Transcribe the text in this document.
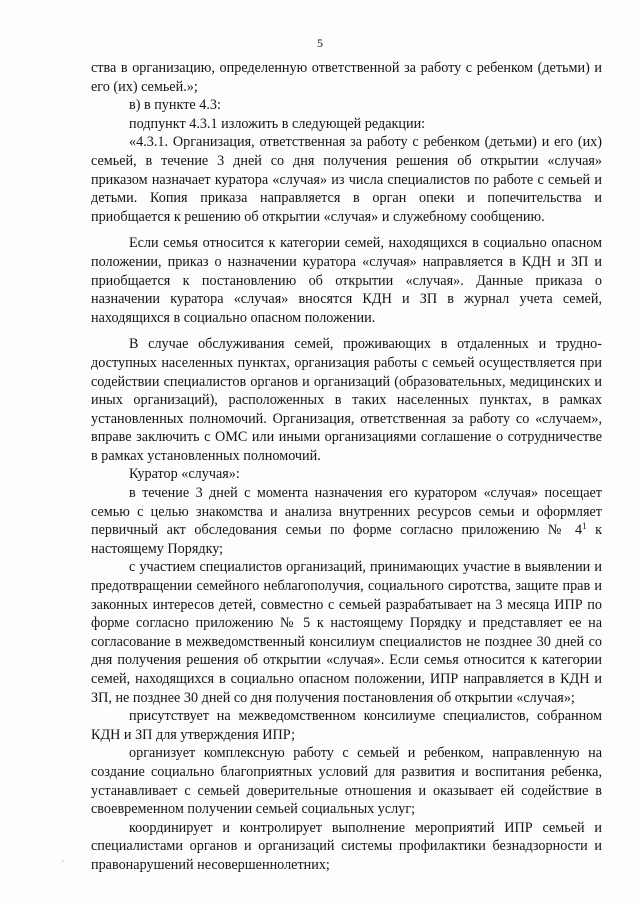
5

ства в организацию, определенную ответственной за работу с ребенком (детьми) и его (их) семьей.»;

в) в пункте 4.3:

подпункт 4.3.1 изложить в следующей редакции:

«4.3.1. Организация, ответственная за работу с ребенком (детьми) и его (их) семьей, в течение 3 дней со дня получения решения об открытии «случая» приказом назначает куратора «случая» из числа специалистов по работе с семьей и детьми. Копия приказа направляется в орган опеки и попечительства и приобщается к решению об открытии «случая» и служебному сообщению.

Если семья относится к категории семей, находящихся в социально опасном положении, приказ о назначении куратора «случая» направляется в КДН и ЗП и приобщается к постановлению об открытии «случая». Данные приказа о назначении куратора «случая» вносятся КДН и ЗП в журнал учета семей, находящихся в социально опасном положении.

В случае обслуживания семей, проживающих в отдаленных и труднодоступных населенных пунктах, организация работы с семьей осуществляется при содействии специалистов органов и организаций (образовательных, медицинских и иных организаций), расположенных в таких населенных пунктах, в рамках установленных полномочий. Организация, ответственная за работу со «случаем», вправе заключить с ОМС или иными организациями соглашение о сотрудничестве в рамках установленных полномочий.

Куратор «случая»:

в течение 3 дней с момента назначения его куратором «случая» посещает семью с целью знакомства и анализа внутренних ресурсов семьи и оформляет первичный акт обследования семьи по форме согласно приложению № $4^1$ к настоящему Порядку;

с участием специалистов организаций, принимающих участие в выявлении и предотвращении семейного неблагополучия, социального сиротства, защите прав и законных интересов детей, совместно с семьей разрабатывает на 3 месяца ИПР по форме согласно приложению № 5 к настоящему Порядку и представляет ее на согласование в межведомственный консилиум специалистов не позднее 30 дней со дня получения решения об открытии «случая». Если семья относится к категории семей, находящихся в социально опасном положении, ИПР направляется в КДН и ЗП, не позднее 30 дней со дня получения постановления об открытии «случая»;

присутствует на межведомственном консилиуме специалистов, собранном КДН и ЗП для утверждения ИПР;

организует комплексную работу с семьей и ребенком, направленную на создание социально благоприятных условий для развития и воспитания ребенка, устанавливает с семьей доверительные отношения и оказывает ей содействие в своевременном получении семьей социальных услуг;

координирует и контролирует выполнение мероприятий ИПР семьей и специалистами органов и организаций системы профилактики безнадзорности и правонарушений несовершеннолетних;
